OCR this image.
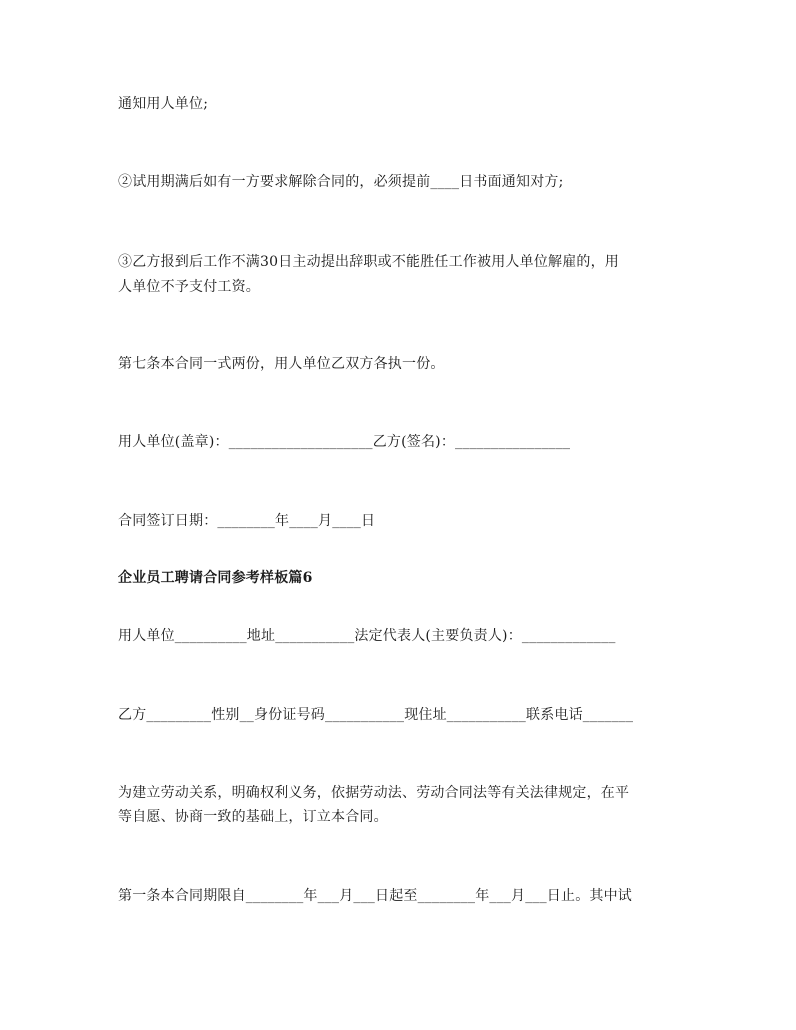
通知用人单位;
②试用期满后如有一方要求解除合同的，必须提前____日书面通知对方;
③乙方报到后工作不满30日主动提出辞职或不能胜任工作被用人单位解雇的，用
人单位不予支付工资。
第七条本合同一式两份，用人单位乙双方各执一份。
用人单位(盖章)：____________________乙方(签名)：________________
合同签订日期：________年____月____日
企业员工聘请合同参考样板篇6
用人单位__________地址___________法定代表人(主要负责人)：_____________
乙方_________性别__身份证号码___________现住址___________联系电话_______
为建立劳动关系，明确权利义务，依据劳动法、劳动合同法等有关法律规定，在平
等自愿、协商一致的基础上，订立本合同。
第一条本合同期限自________年___月___日起至________年___月___日止。其中试
